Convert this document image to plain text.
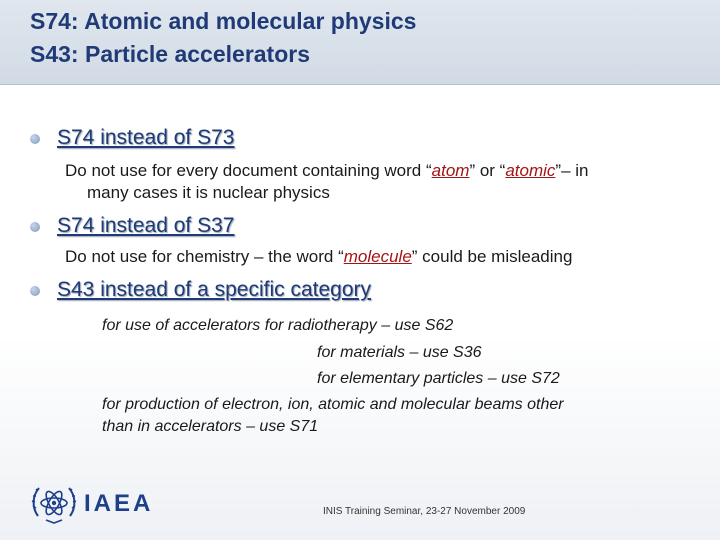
S74: Atomic and molecular physics
S43: Particle accelerators
S74 instead of S73
Do not use for every document containing word “atom” or “atomic”– in
many cases it is nuclear physics
S74 instead of S37
Do not use for chemistry – the word “molecule” could be misleading
S43 instead of a specific category
for use of accelerators for radiotherapy – use S62
for materials – use S36
for elementary particles – use S72
for production of electron, ion, atomic and molecular beams other
than in accelerators – use S71
IAEA	INIS Training Seminar, 23-27 November 2009
